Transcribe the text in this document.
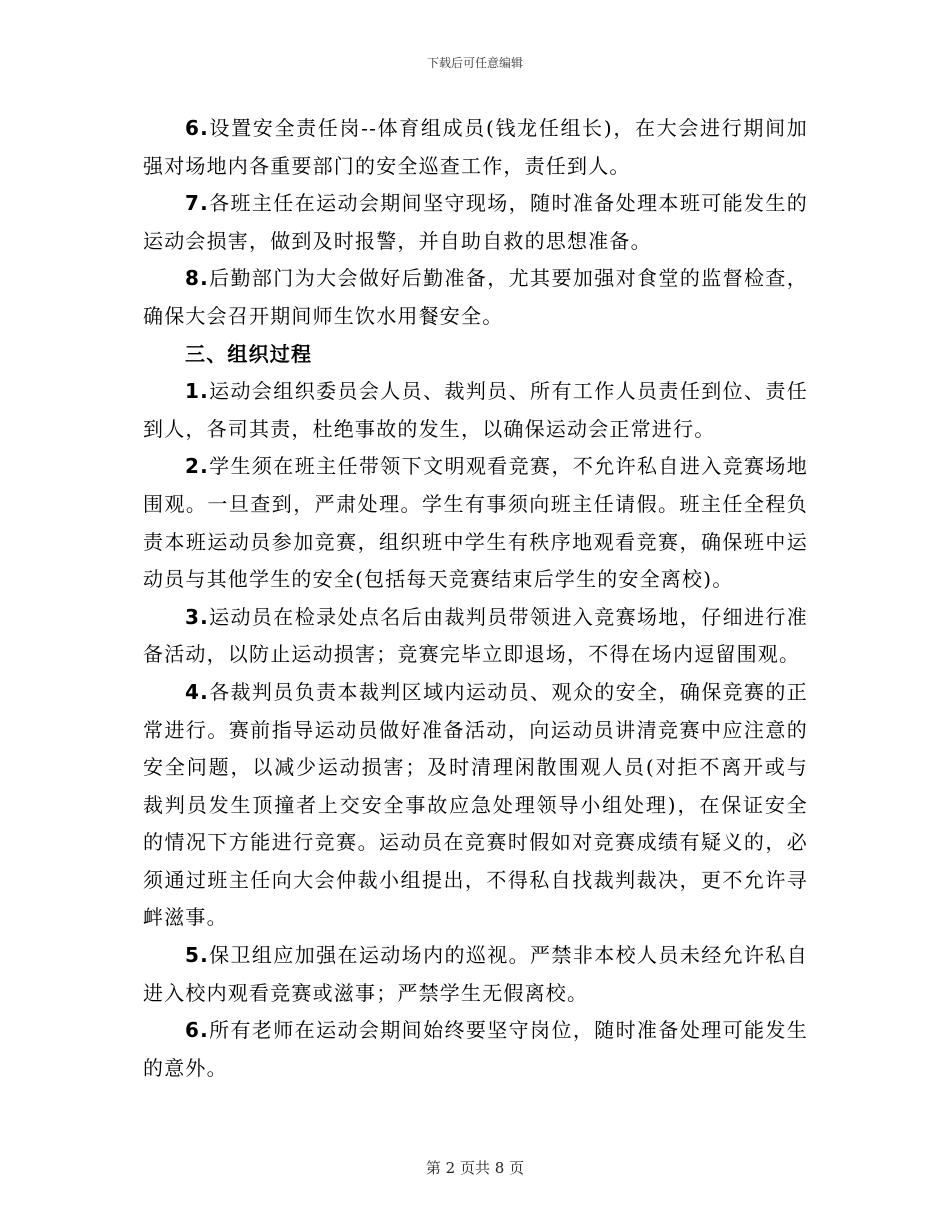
下载后可任意编辑

6.设置安全责任岗--体育组成员(钱龙任组长)，在大会进行期间加强对场地内各重要部门的安全巡查工作，责任到人。

7.各班主任在运动会期间坚守现场，随时准备处理本班可能发生的运动会损害，做到及时报警，并自助自救的思想准备。

8.后勤部门为大会做好后勤准备，尤其要加强对食堂的监督检查，确保大会召开期间师生饮水用餐安全。

三、组织过程

1.运动会组织委员会人员、裁判员、所有工作人员责任到位、责任到人，各司其责，杜绝事故的发生，以确保运动会正常进行。

2.学生须在班主任带领下文明观看竞赛，不允许私自进入竞赛场地围观。一旦查到，严肃处理。学生有事须向班主任请假。班主任全程负责本班运动员参加竞赛，组织班中学生有秩序地观看竞赛，确保班中运动员与其他学生的安全(包括每天竞赛结束后学生的安全离校)。

3.运动员在检录处点名后由裁判员带领进入竞赛场地，仔细进行准备活动，以防止运动损害；竞赛完毕立即退场，不得在场内逗留围观。

4.各裁判员负责本裁判区域内运动员、观众的安全，确保竞赛的正常进行。赛前指导运动员做好准备活动，向运动员讲清竞赛中应注意的安全问题，以减少运动损害；及时清理闲散围观人员(对拒不离开或与裁判员发生顶撞者上交安全事故应急处理领导小组处理)，在保证安全的情况下方能进行竞赛。运动员在竞赛时假如对竞赛成绩有疑义的，必须通过班主任向大会仲裁小组提出，不得私自找裁判裁决，更不允许寻衅滋事。

5.保卫组应加强在运动场内的巡视。严禁非本校人员未经允许私自进入校内观看竞赛或滋事；严禁学生无假离校。

6.所有老师在运动会期间始终要坚守岗位，随时准备处理可能发生的意外。

第 2 页共 8 页
